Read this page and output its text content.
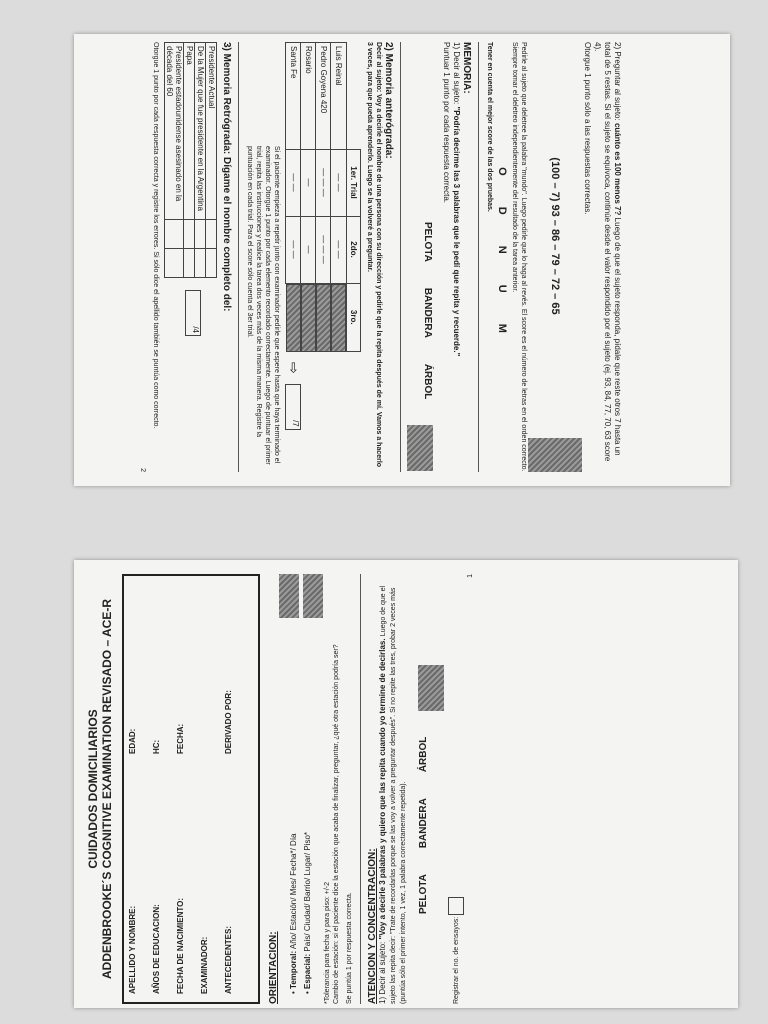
2) Preguntar al sujeto: cuánto es 100 menos 7? Luego de que el sujeto responda, pídale que reste otros 7 hasta un total de 5 restas. Si el sujeto se equivoca, continúe desde el valor respondido por el sujeto (ej. 93, 84, 77, 70, 63 score 4).
Otorgue 1 punto sólo a las respuestas correctas.
(100 – 7) 93 – 86 – 79 – 72 – 65
Pedirle al sujeto que deletree la palabra "mundo". Luego pedirle que lo haga al revés. El score es el número de letras en el orden correcto. Siempre tomar el deletreo independientemente del resultado de la tarea anterior.
O D N U M
Tener en cuenta el mejor score de las dos pruebas.
MEMORIA:
1) Decir al sujeto: "Podría decirme las 3 palabras que le pedí que repita y recuerde."
Puntuar 1 punto por cada respuesta correcta.
PELOTA
BANDERA
ÁRBOL
2) Memoria anterógrada:
Decir al sujeto: Voy a decirle el nombre de una persona con su dirección y pedirle que la repita después de mí. Vamos a hacerlo 3 veces, para que pueda aprenderlo. Luego se la volveré a preguntar.
	1er. Trial	2do.	3ro.
Luis Reinal	— —	— —	
Pedro Goyena 420	— — —	— — —	
Rosario	—	—	
Santa Fe	— —	— —	
⇨
/7
Si el paciente empieza a repetir junto con examinador pedirle que espere hasta que haya terminado el examinador. Otorgue 1 punto por cada elemento recordado correctamente. Luego de puntuar el primer trial, repita las instrucciones y realice la tarea dos veces más de la misma manera. Registre la puntuación en cada trial. Para el score sólo cuenta el 3er trial.
3) Memoria Retrógrada: Dígame el nombre completo del:
Presidente Actual		
De la Mujer que fue presidente en la Argentina		
Papa		
Presidente estadounidense asesinado en la década del 60		
/4
Otorgue 1 punto por cada respuesta correcta y registre los errores. Si sólo dice el apellido también se puntúa como correcto.
2
CUIDADOS DOMICILIARIOS ADDENBROOKE´S COGNITIVE EXAMINATION REVISADO – ACE-R APELLIDO Y NOMBRE:
EDAD:
AÑOS DE EDUCACION:
HC:
FECHA DE NACIMIENTO:
FECHA:
EXAMINADOR: ANTECEDENTES:
DERIVADO POR:
ORIENTACION: • Temporal: Año/ Estación/ Mes/ Fecha*/ Día
• Espacial: País/ Ciudad/ Barrio/ Lugar/ Piso* *Tolerancia para fecha y para piso: +/-2 Cambio de estación: si el paciente dice la estación que acaba de finalizar, preguntar, ¿qué otra estación podría ser? Se puntúa 1 por respuesta correcta. ATENCION Y CONCENTRACION: 1) Decir al sujeto: "Voy a decirle 3 palabras y quiero que las repita cuando yo termine de decirlas. Luego de que el sujeto las repita decir: "Trate de recordarlas porque se las voy a volver a preguntar después". Si no repite las tres, probar 2 veces más (puntúa sólo el primer intento, 1 vez, 1 palabra correctamente repetida). PELOTA
BANDERA
ÁRBOL
Registrar el no. de ensayos:
1
